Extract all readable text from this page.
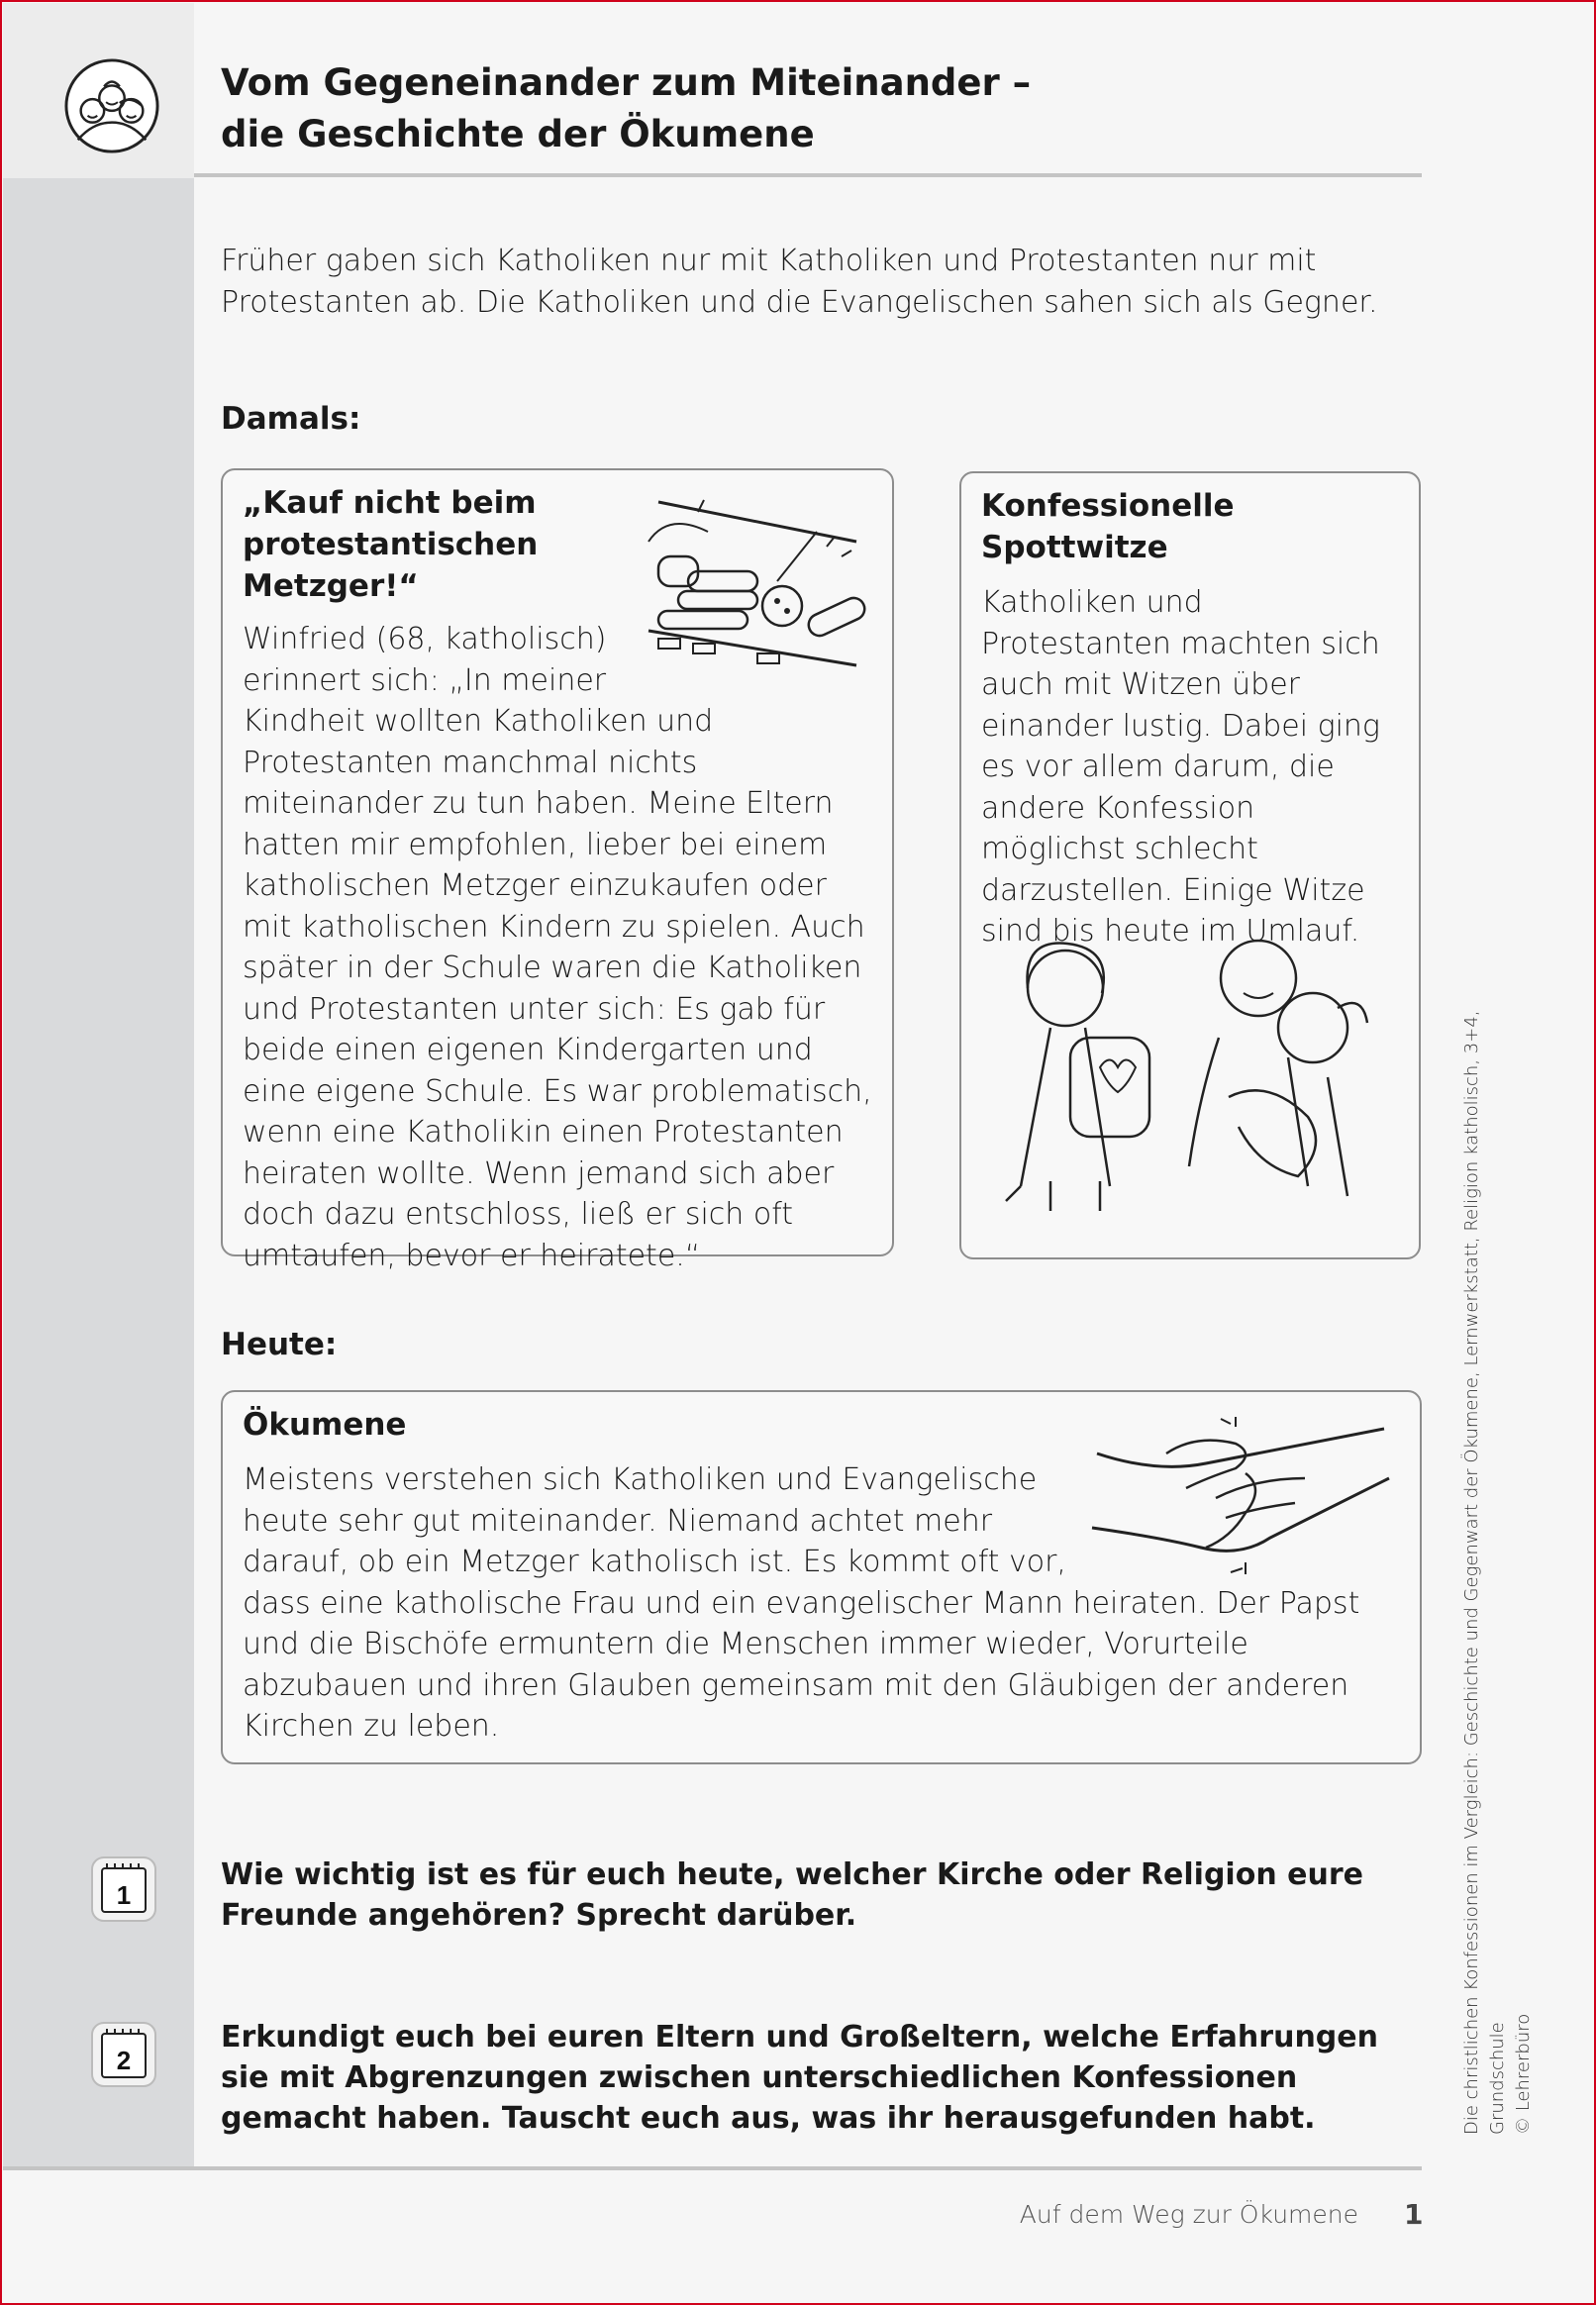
Vom Gegeneinander zum Miteinander –
die Geschichte der Ökumene

Früher gaben sich Katholiken nur mit Katholiken und Protestanten nur mit Protestanten ab. Die Katholiken und die Evangelischen sahen sich als Gegner.

Damals:
„Kauf nicht beim protestantischen Metzger!“

Winfried (68, katholisch) erinnert sich: „In meiner Kindheit wollten Katholiken und Protestanten manchmal nichts miteinander zu tun haben. Meine Eltern hatten mir empfohlen, lieber bei einem katholischen Metzger einzukaufen oder mit katholischen Kindern zu spielen. Auch später in der Schule waren die Katholiken und Protestanten unter sich: Es gab für beide einen eigenen Kindergarten und eine eigene Schule. Es war problematisch, wenn eine Katholikin einen Protestanten heiraten wollte. Wenn jemand sich aber doch dazu entschloss, ließ er sich oft umtaufen, bevor er heiratete.“

Konfessionelle Spottwitze

Katholiken und Protestanten machten sich auch mit Witzen über einander lustig. Dabei ging es vor allem darum, die andere Konfession möglichst schlecht darzustellen. Einige Witze sind bis heute im Umlauf.

Heute:
Ökumene

Meistens verstehen sich Katholiken und Evangelische heute sehr gut miteinander. Niemand achtet mehr darauf, ob ein Metzger katholisch ist. Es kommt oft vor, dass eine katholische Frau und ein evangelischer Mann heiraten. Der Papst und die Bischöfe ermuntern die Menschen immer wieder, Vorurteile abzubauen und ihren Glauben gemeinsam mit den Gläubigen der anderen Kirchen zu leben.

1

Wie wichtig ist es für euch heute, welcher Kirche oder Religion eure Freunde angehören? Sprecht darüber.

2

Erkundigt euch bei euren Eltern und Großeltern, welche Erfahrungen sie mit Abgrenzungen zwischen unterschiedlichen Konfessionen gemacht haben. Tauscht euch aus, was ihr herausgefunden habt.	Die christlichen Konfessionen im Vergleich: Geschichte und Gegenwart der Ökumene, Lernwerkstatt, Religion katholisch, 3+4, Grundschule © Lehrerbüro
Auf dem Weg zur Ökumene 1
